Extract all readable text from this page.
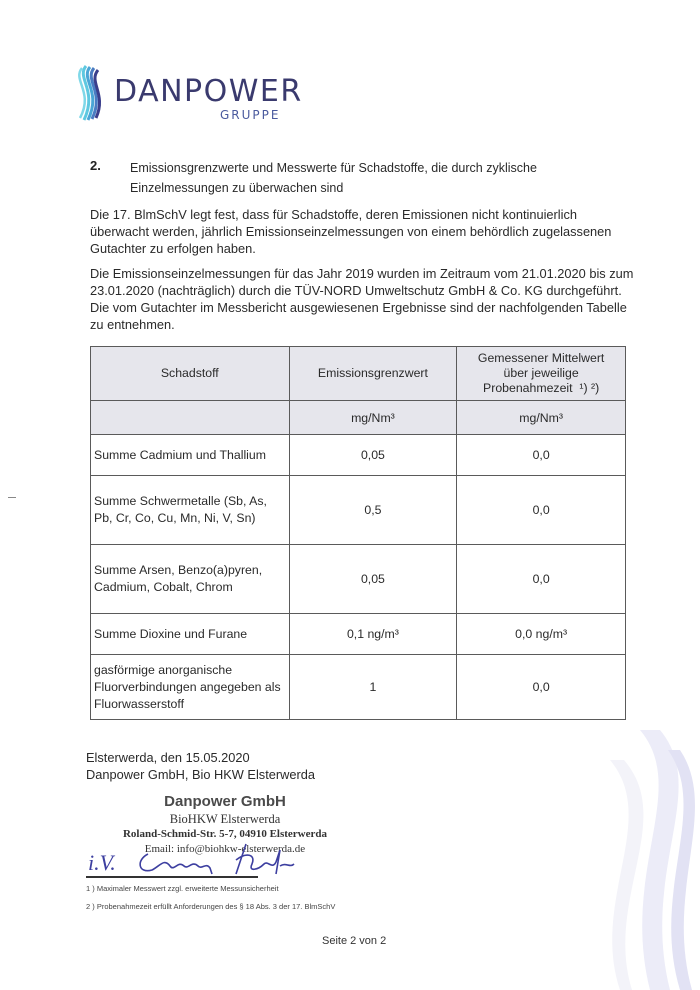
DANPOWER
GRUPPE
2. Emissionsgrenzwerte und Messwerte für Schadstoffe, die durch zyklische Einzelmessungen zu überwachen sind
Die 17. BlmSchV legt fest, dass für Schadstoffe, deren Emissionen nicht kontinuierlich überwacht werden, jährlich Emissionseinzelmessungen von einem behördlich zugelassenen Gutachter zu erfolgen haben.
Die Emissionseinzelmessungen für das Jahr 2019 wurden im Zeitraum vom 21.01.2020 bis zum 23.01.2020 (nachträglich) durch die TÜV-NORD Umweltschutz GmbH & Co. KG durchgeführt. Die vom Gutachter im Messbericht ausgewiesenen Ergebnisse sind der nachfolgenden Tabelle zu entnehmen.
Schadstoff	Emissionsgrenzwert	Gemessener Mittelwert
über jeweilige
Probenahmezeit ¹) ²)
	mg/Nm³	mg/Nm³
Summe Cadmium und Thallium	0,05	0,0
Summe Schwermetalle (Sb, As, Pb, Cr, Co, Cu, Mn, Ni, V, Sn)	0,5	0,0
Summe Arsen, Benzo(a)pyren, Cadmium, Cobalt, Chrom	0,05	0,0
Summe Dioxine und Furane	0,1 ng/m³	0,0 ng/m³
gasförmige anorganische Fluorverbindungen angegeben als Fluorwasserstoff	1	0,0
Elsterwerda, den 15.05.2020
Danpower GmbH, Bio HKW Elsterwerda
Danpower GmbH
BioHKW Elsterwerda
Roland-Schmid-Str. 5-7, 04910 Elsterwerda
Email: info@biohkw-elsterwerda.de
i.V.
1 ) Maximaler Messwert zzgl. erweiterte Messunsicherheit
2 ) Probenahmezeit erfüllt Anforderungen des § 18 Abs. 3 der 17. BlmSchV
Seite 2 von 2
